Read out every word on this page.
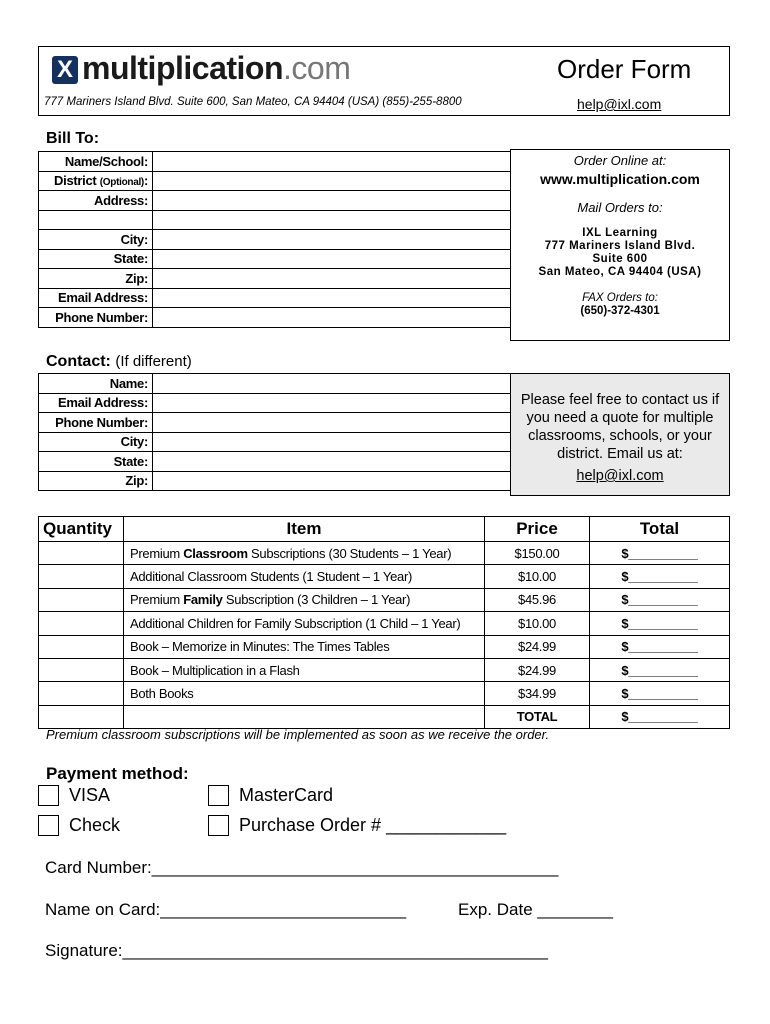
X multiplication.com	Order Form
777 Mariners Island Blvd. Suite 600, San Mateo, CA 94404 (USA) (855)-255-8800	help@ixl.com
Bill To:
Name/School:	
District (Optional):	
Address:	

City:	
State:	
Zip:	
Email Address:	
Phone Number:	
Order Online at:
www.multiplication.com
Mail Orders to:
IXL Learning
777 Mariners Island Blvd.
Suite 600
San Mateo, CA 94404 (USA)
FAX Orders to:
(650)-372-4301
Contact: (If different)
Name:	
Email Address:	
Phone Number:	
City:	
State:	
Zip:	
Please feel free to contact us if
you need a quote for multiple
classrooms, schools, or your
district. Email us at:
help@ixl.com
Quantity	Item	Price	Total
	Premium Classroom Subscriptions (30 Students – 1 Year)	$150.00	$__________
	Additional Classroom Students (1 Student – 1 Year)	$10.00	$__________
	Premium Family Subscription (3 Children – 1 Year)	$45.96	$__________
	Additional Children for Family Subscription (1 Child – 1 Year)	$10.00	$__________
	Book – Memorize in Minutes: The Times Tables	$24.99	$__________
	Book – Multiplication in a Flash	$24.99	$__________
	Both Books	$34.99	$__________
		TOTAL	$__________
Premium classroom subscriptions will be implemented as soon as we receive the order.
Payment method:
VISA	MasterCard
Check	Purchase Order # ____________
Card Number:___________________________________________
Name on Card:__________________________	Exp. Date ________
Signature:_____________________________________________
